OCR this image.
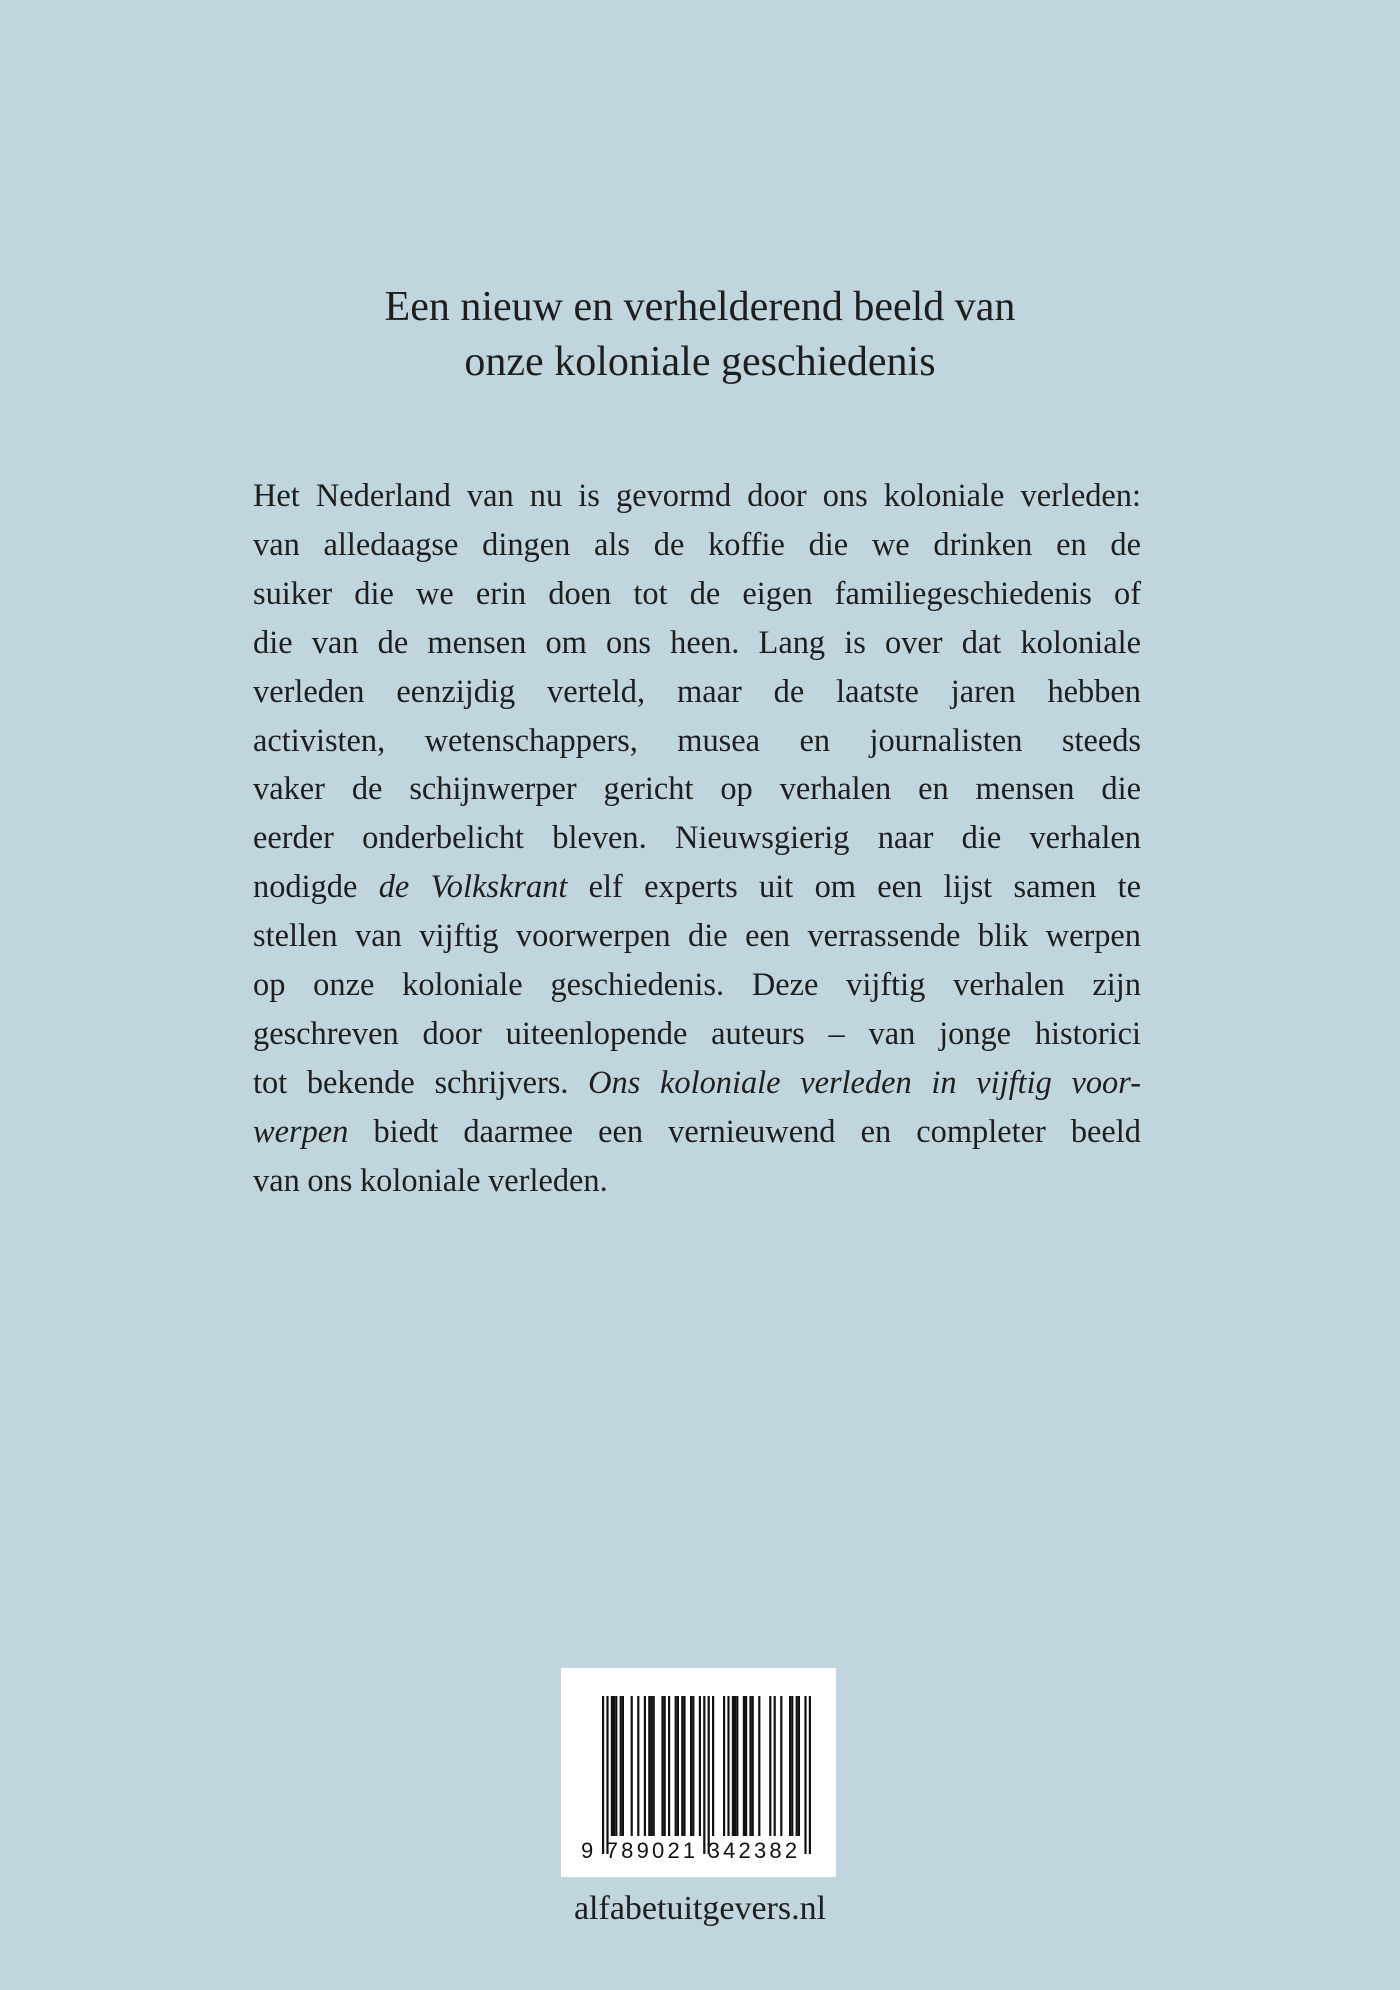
Een nieuw en verhelderend beeld van
onze koloniale geschiedenis

Het Nederland van nu is gevormd door ons koloniale verleden:
van alledaagse dingen als de koffie die we drinken en de
suiker die we erin doen tot de eigen familiegeschiedenis of
die van de mensen om ons heen. Lang is over dat koloniale
verleden eenzijdig verteld, maar de laatste jaren hebben
activisten, wetenschappers, musea en journalisten steeds
vaker de schijnwerper gericht op verhalen en mensen die
eerder onderbelicht bleven. Nieuwsgierig naar die verhalen
nodigde de Volkskrant elf experts uit om een lijst samen te
stellen van vijftig voorwerpen die een verrassende blik werpen
op onze koloniale geschiedenis. Deze vijftig verhalen zijn
geschreven door uiteenlopende auteurs – van jonge historici
tot bekende schrijvers. Ons koloniale verleden in vijftig voor-
werpen biedt daarmee een vernieuwend en completer beeld
van ons koloniale verleden.

9 789021 342382
alfabetuitgevers.nl
